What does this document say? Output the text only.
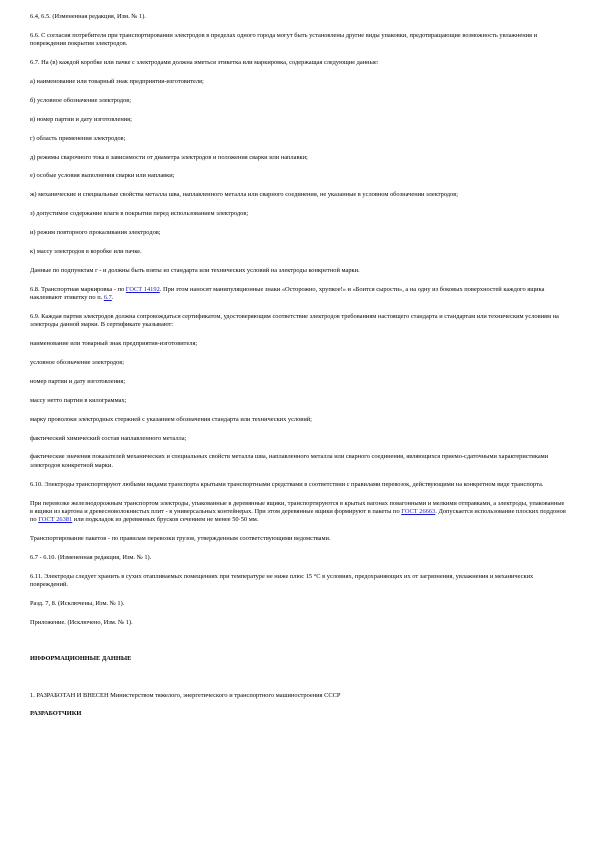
6.4, 6.5. (Измененная редакция, Изм. № 1).

6.6. С согласия потребителя при транспортировании электродов в пределах одного города могут быть установлены другие виды упаковки, предотвращающие возможность увлажнения и повреждения покрытия электродов.

6.7. На (в) каждой коробке или пачке с электродами должна иметься этикетка или маркировка, содержащая следующие данные:

а) наименование или товарный знак предприятия-изготовителя;

б) условное обозначение электродов;

в) номер партии и дату изготовления;

г) область применения электродов;

д) режимы сварочного тока в зависимости от диаметра электродов и положения сварки или наплавки;

е) особые условия выполнения сварки или наплавки;

ж) механические и специальные свойства металла шва, наплавленного металла или сварного соединения, не указанные в условном обозначении электродов;

з) допустимое содержание влаги в покрытии перед использованием электродов;

и) режим повторного прокаливания электродов;

к) массу электродов в коробке или пачке.

Данные по подпунктам г - и должны быть взяты из стандарта или технических условий на электроды конкретной марки.

6.8. Транспортная маркировка - по ГОСТ 14192. При этом наносят манипуляционные знаки «Осторожно, хрупкое!» и «Боится сырости», а на одну из боковых поверхностей каждого ящика наклеивают этикетку по п. 6.7.

6.9. Каждая партия электродов должна сопровождаться сертификатом, удостоверяющим соответствие электродов требованиям настоящего стандарта и стандартам или техническим условиям на электроды данной марки. В сертификате указывают:

наименование или товарный знак предприятия-изготовителя;

условное обозначение электродов;

номер партии и дату изготовления;

массу нетто партии в килограммах;

марку проволоки электродных стержней с указанием обозначения стандарта или технических условий;

фактический химический состав наплавленного металла;

фактические значения показателей механических и специальных свойств металла шва, наплавленного металла или сварного соединения, являющихся приемо-сдаточными характеристиками электродов конкретной марки.

6.10. Электроды транспортируют любыми видами транспорта крытыми транспортными средствами в соответствии с правилами перевозок, действующими на конкретном виде транспорта.

При перевозке железнодорожным транспортом электроды, упакованные в деревянные ящики, транспортируются в крытых вагонах повагонными и мелкими отправками, а электроды, упакованные в ящики из картона и древесноволокнистых плит - в универсальных контейнерах. При этом деревянные ящики формируют в пакеты по ГОСТ 26663. Допускается использование плоских поддонов по ГОСТ 26381 или подкладок из деревянных брусков сечением не менее 50·50 мм.

Транспортирование пакетов - по правилам перевозки грузов, утвержденным соответствующими ведомствами.

6.7 - 6.10. (Измененная редакция, Изм. № 1).

6.11. Электроды следует хранить в сухих отапливаемых помещениях при температуре не ниже плюс 15 °С в условиях, предохраняющих их от загрязнения, увлажнения и механических повреждений.

Разд. 7, 8. (Исключены, Изм. № 1).

Приложение. (Исключено, Изм. № 1).

ИНФОРМАЦИОННЫЕ ДАННЫЕ

1. РАЗРАБОТАН И ВНЕСЕН Министерством тяжелого, энергетического и транспортного машиностроения СССР

РАЗРАБОТЧИКИ
